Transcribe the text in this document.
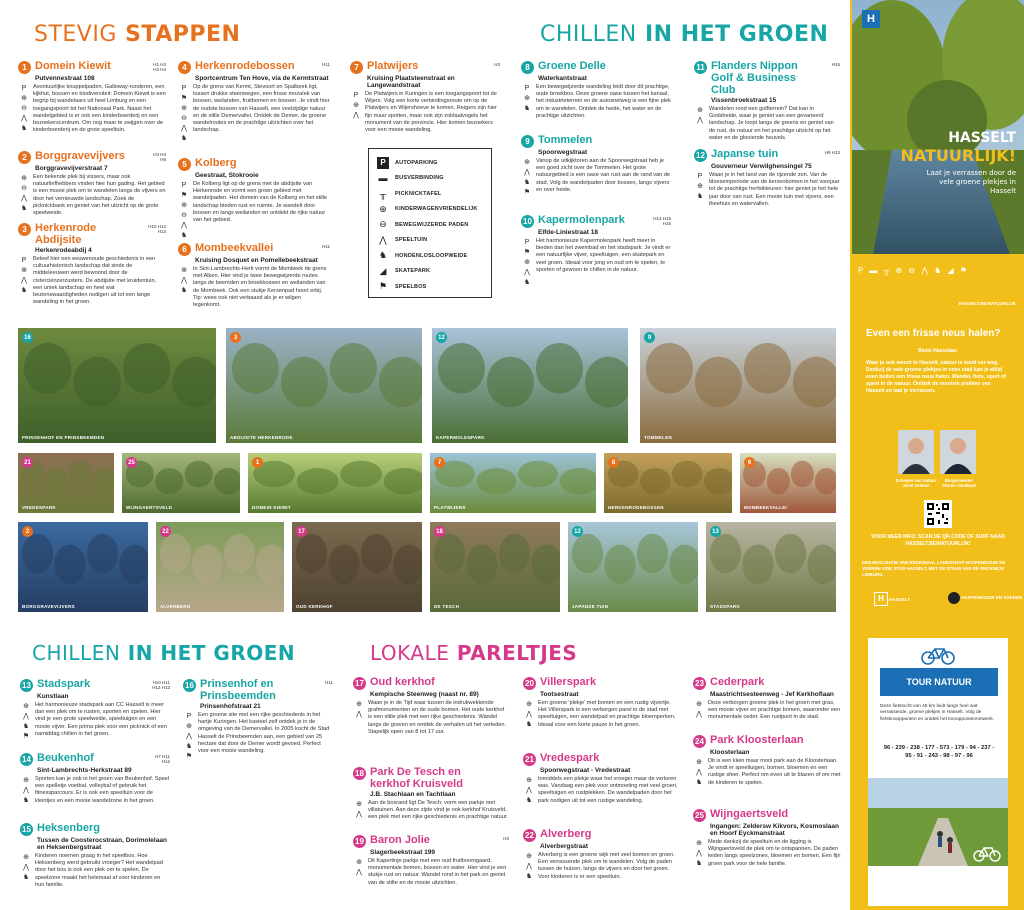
STEVIG STAPPEN	CHILLEN IN HET GROEN
CHILLEN IN HET GROEN	LOKALE PARELTJES
H1 H2
H3 H4
1 Domein Kiewit
Putvennestraat 108
P
⊕
⊖
⋀
♞
Avontuurlijke knuppelpaden, Galloway-runderen, een kijkhut, bossen en biodiversiteit: Domein Kiewit is een begrip bij wandelaars uit heel Limburg en een toegangspoort tot het Nationaal Park. Naast het wandelgebied is er ook een kinderboerderij en een bezoekerscentrum. Om nog maar te zwijgen over de kinderboerderij en de grote speeltuin.
H3 H4
H5
2 Borggravevijvers
Borggravevijverstraat 7
⊕
⊖
⋀
♞
Een bekende plek bij vissers, maar ook natuurliefhebbers vinden hier hun gading. Het gebied is een mooie plek om te wandelen langs de vijvers en door het vernieuwde landschap. Zoek de picknickbank en geniet van het uitzicht op de grote speelweide.
H10 H12
H13
3 Herkenrode Abdijsite
Herkenrodeabdij 4
P
⊕
⋀
♞
Beleef hier een eeuwenoude geschiedenis in een cultuurhistorisch landschap dat sinds de middeleeuwen werd bewoond door de cisterciënzerzusters. De abdijsite met kruidentuin, een uniek landschap en heel wat bezienswaardigheden nodigen uit tot een lange wandeling in het groen.
H11
4 Herkenrodebossen
Sportcentrum Ten Hove, via de Kermtstraat
P
⚑
⊕
⊖
⋀
♞
Op de grens van Kermt, Stevoort en Spalbeek ligt, tussen drukke steenwegen, een frisse mozaïek van bossen, weilanden, fruitbomen en bossen. Je vindt hier de oudste bossen van Hasselt, een veelzijdige natuur en de stille Demervallei. Ontdek de Demer, de groene wandelroutes en de prachtige uitzichten over het landschap.
5 Kolberg
Geestraat, Stokrooie
P
⚑
⊕
⊖
⋀
♞
De Kolberg ligt op de grens met de abdijsite van Herkenrode en vormt een groen gebied met wandelpaden. Het domein van de Kolberg en het stille landschap bieden rust en ruimte. Je wandelt door bossen en langs weilanden en ontdekt de rijke natuur van het gebied.
H11
6 Mombeekvallei
Kruising Dosquet en Pomellebeekstraat
⊕
⋀
♞
In Sint-Lambrechts-Herk vormt de Mombeek de grens met Alken. Hier vind je twee bewegwijzerde routes langs de beemden en broekbossen en weilanden van de Mombeek. Ook een stukje Kersenpad hoort erbij. Tip: wees ook niet verbaasd als je er wilgen tegenkomt.
H3
7 Platwijers
Kruising Plaatsteenstraat en Langewandstraat
P
⊕
⋀
De Platwijers in Kuringen is een toegangspoort tot de Wijers. Volg een korte verbindingsroute om op de Platwijers en Wijershoeve te komen. Reigers zijn hier fijn maar spotten, maar ook zijn zoldaalvogels het monument van de provincie. Hier komen bezoekers voor een mooie wandeling.
8 Groene Delle
Waterkantstraat
P
⊕
♞
Een bewegwijzerde wandeling leidt door dit prachtige, oude broekbos. Deze groene oase tussen het kanaal, het industrieterrein en de autosnelweg is een fijne plek om te wandelen. Ontdek de heide, het water en de prachtige uitzichten.
9 Tommelen
Spoorwegstraat
⊕
⋀
♞
⚑
Vanop de uitkijktoren aan de Spoorwegstraat heb je een goed zicht over de Tommelen. Het grote natuurgebied is een oase van rust aan de rand van de stad. Volg de wandelpaden door bossen, langs vijvers en over heide.
H14 H15
H16
10 Kapermolenpark
Elfde-Liniestraat 18
P
⚑
⊕
⋀
♞
Het harmonieuze Kapermolenpark heeft meer in bieden dan het zwembad en het stadspark. Je vindt er een natuurlijke vijver, speeltuigen, een skatepark en veel groen. Ideaal voor jong en oud om te spelen, te sporten of gewoon te chillen in de natuur.
H15
11 Flanders Nippon Golf & Business Club
Vissenbroekstraat 15
⊕
⋀
Wandelen rond een golfterrein? Dat kan in Godsheide, waar je geniet van een gevarieerd landschap. Je loopt langs de greens en geniet van de rust, de natuur en het prachtige uitzicht op het water en de glooiende heuvels.
H9 H13
12 Japanse tuin
Gouverneur Verwilghensingel 75
P
⊕
♞
Waan je in het land van de rijzende zon. Van de bloesemperiode van de kersenbomen in het voorjaar tot de prachtige herfstkleuren: hier geniet je het hele jaar door van rust. Een mooie tuin met vijvers, een theehuis en watervallen.
H10 H11
H12 H13
13 Stadspark
Kunstlaan
⊕
⋀
♞
⚑
Het harmonieuze stadspark aan CC Hasselt is meer dan een plek om te rusten, sporten en spelen. Hier vind je een grote speelweide, speeltuigen en een mooie vijver. Een prima plek voor een picknick of een namiddag chillen in het groen.
H7 H11
H12
14 Beukenhof
Sint-Lambrechts-Herkstraat 89
⊕
⋀
♞
Sporten kan je ook in het groen van Beukenhof. Speel een spelletje voetbal, volleybal of gebruik het fitnessparcours. Er is ook een speeltuin voor de kleintjes en een mooie wandelzone in het groen.
15 Heksenberg
Tussen de Coosterocstraan, Dorimolelaan en Heksenbergstraat
⊕
⋀
♞
Kinderen noemen graag in het speelbos. Hoe Heksenberg werd gebruikt vroeger? Het wandelpad door het bos is ook een plek om te spelen. De speelzone maakt het helemaal af voor kinderen en hun familie.
H11
16 Prinsenhof en Prinsbeemden
Prinsenhofstraat 21
P
⊕
⋀
♞
⚑
Een groene site met een rijke geschiedenis in het hartje Kuringen. Het kasteel zelf ontdek je in de omgeving van de Demervallei. In 2005 kocht de Stad Hasselt de Prinsbeemden aan, een gebied van 25 hectare dat door de Demer wordt gevoed. Perfect voor een mooie wandeling.
17 Oud kerkhof
Kempische Steenweg (naast nr. 89)
⊕
⋀
Waan je in de Tijd waar tussen de indrukwekkende grafmonumenten en de oude bomen. Het oude kerkhof is een stille plek met een rijke geschiedenis. Wandel langs de graven en ontdek de verhalen uit het verleden. Stapelijk open van 8 tot 17 uur.
18 Park De Tesch en kerkhof Kruisveld
J.B. Stachlaan en Tachtlaan
⊕
⋀
Aan de bosrand ligt De Tesch: vorm een parkje met villatuinen. Aan deze zijde vind je ook kerkhof Kruisveld, een plek met een rijke geschiedenis en prachtige natuur.
H3
19 Baron Jolie
Slagerbeekstraat 199
⊕
⋀
Dit Kapertinje parkje met een oud fruitboomgaard, monumentale bomen, bossen en water. Hier vind je een stukje rust en natuur. Wandel rond in het park en geniet van de stilte en de mooie uitzichten.
20 Villerspark
Tootsestraat
⊕
⋀
♞
Een groene 'plekje' met bomen en een rustig vijvertje. Het Villerspark is een verborgen parel in de stad met speeltuigen, een wandelpad en prachtige bloemperken. Ideaal voor een korte pauze in het groen.
21 Vredespark
Spoorwegstraat - Vredestraat
⊕
⋀
♞
Inmiddels een plekje waar het vroeger maar de verloren was. Vandaag een plek voor ontmoeting met veel groen, speeltuigen en rustplekken. De wandelpaden door het park nodigen uit tot een rustige wandeling.
22 Alverberg
Alverbergstraat
⊕
⋀
♞
Alverberg is een groene wijk met veel bomen en groen. Een verrassende plek om te wandelen. Volg de paden tussen de huizen, langs de vijvers en door het groen. Voor kinderen is er een speeltuin.
23 Cederpark
Maastrichtsesteenweg - Jef Kerkhoflaan
⊕
⋀
Deze verborgen groene plek in het groen met gras, een mooie vijver en prachtige bomen, waaronder een monumentale ceder. Een rustpunt in de stad.
24 Park Kloosterlaan
Kloosterlaan
⊕
⋀
♞
Dit is een klein maar mooi park aan de Kloosterlaan. Je vindt er speeltuigen, bomen, bloemen en een rustige sfeer. Perfect om even uit te blazen of om met de kinderen te spelen.
25 Wijngaertsveld
Ingangen: Zeldersw Kikvors, Kosmoslaan en Hoorf Eyckmanstraat
⊕
⋀
♞
Mede dankzij de speeltuin en de ligging is Wijngaertsveld de plek om te ontspannen. De paden leiden langs speelzones, bloemen en bomen. Een fijn groen park voor de hele familie.
P	AUTOPARKING
▬ BUSVERBINDING
╥	PICKNICKTAFEL
⊕	KINDERWAGENVRIENDELIJK
⊖	BEWEGWIJZERDE PADEN
⋀	SPEELTUIN
♞	HONDENLOSLOOPWEIDE
◢	SKATEPARK
⚑	SPEELBOS
16
PRINSENHOF EN PRINSBEEMDEN
3
ABDIJSITE HERKENRODE
12
KAPERMOLENPARK
9
TOMMELEN
21
VREDESPARK
25
WIJNGAERTSVELD
1
DOMEIN KIEWIT
7
PLATWIJERS
8
HERKENRODEBOSSEN
6
MOMBEEKVALLEI
2
BORGGRAVEVIJVERS
22
ALVERBERG
17
OUD KERKHOF
18
DE TESCH
12
JAPANSE TUIN
13
STADSPARK
H
HASSELT
NATUURLIJK!
Laat je verrassen door de vele groene plekjes in Hasselt
P ▬ ╥ ⊕ ⊖ ⋀ ♞ ◢ ⚑
HASSELT.BE/NATUURLIJK
Even een frisse neus halen?
Beste Hasselaar,
Waar je ook woont in Hasselt, natuur is nooit ver weg. Dankzij de vele groene plekjes in onze stad kan je altijd even buiten een frisse neus halen. Wandel, fiets, sport of speel in de natuur. Ontdek de mooiste plekken van Hasselt en laat je verrassen.
Schepen van Natuur
Joost Venken
Burgemeester
Steven Vandeput
VOOR MEER INFO: SCAN DE QR-CODE OF SURF NAAR HASSELT.BE/NATUURLIJK!
EEN REALISATIE VAN REGIONAAL LANDSCHAP HASPENGOUW EN VOEREN VZW, STAD HASSELT, MET DE STEUN VAN DE PROVINCIE LIMBURG.
H HASSELT	HASPENGOUW EN VOEREN
TOUR NATUUR
Deze fietstocht van 45 km leidt langs heel wat verrassende, groene plekjes in Hasselt. Volg de fietsknooppunten en ontdek het knooppuntennetwerk.
96 - 239 - 238 - 177 - 573 - 179 - 94 - 237 - 95 - 91 - 243 - 98 - 97 - 96
